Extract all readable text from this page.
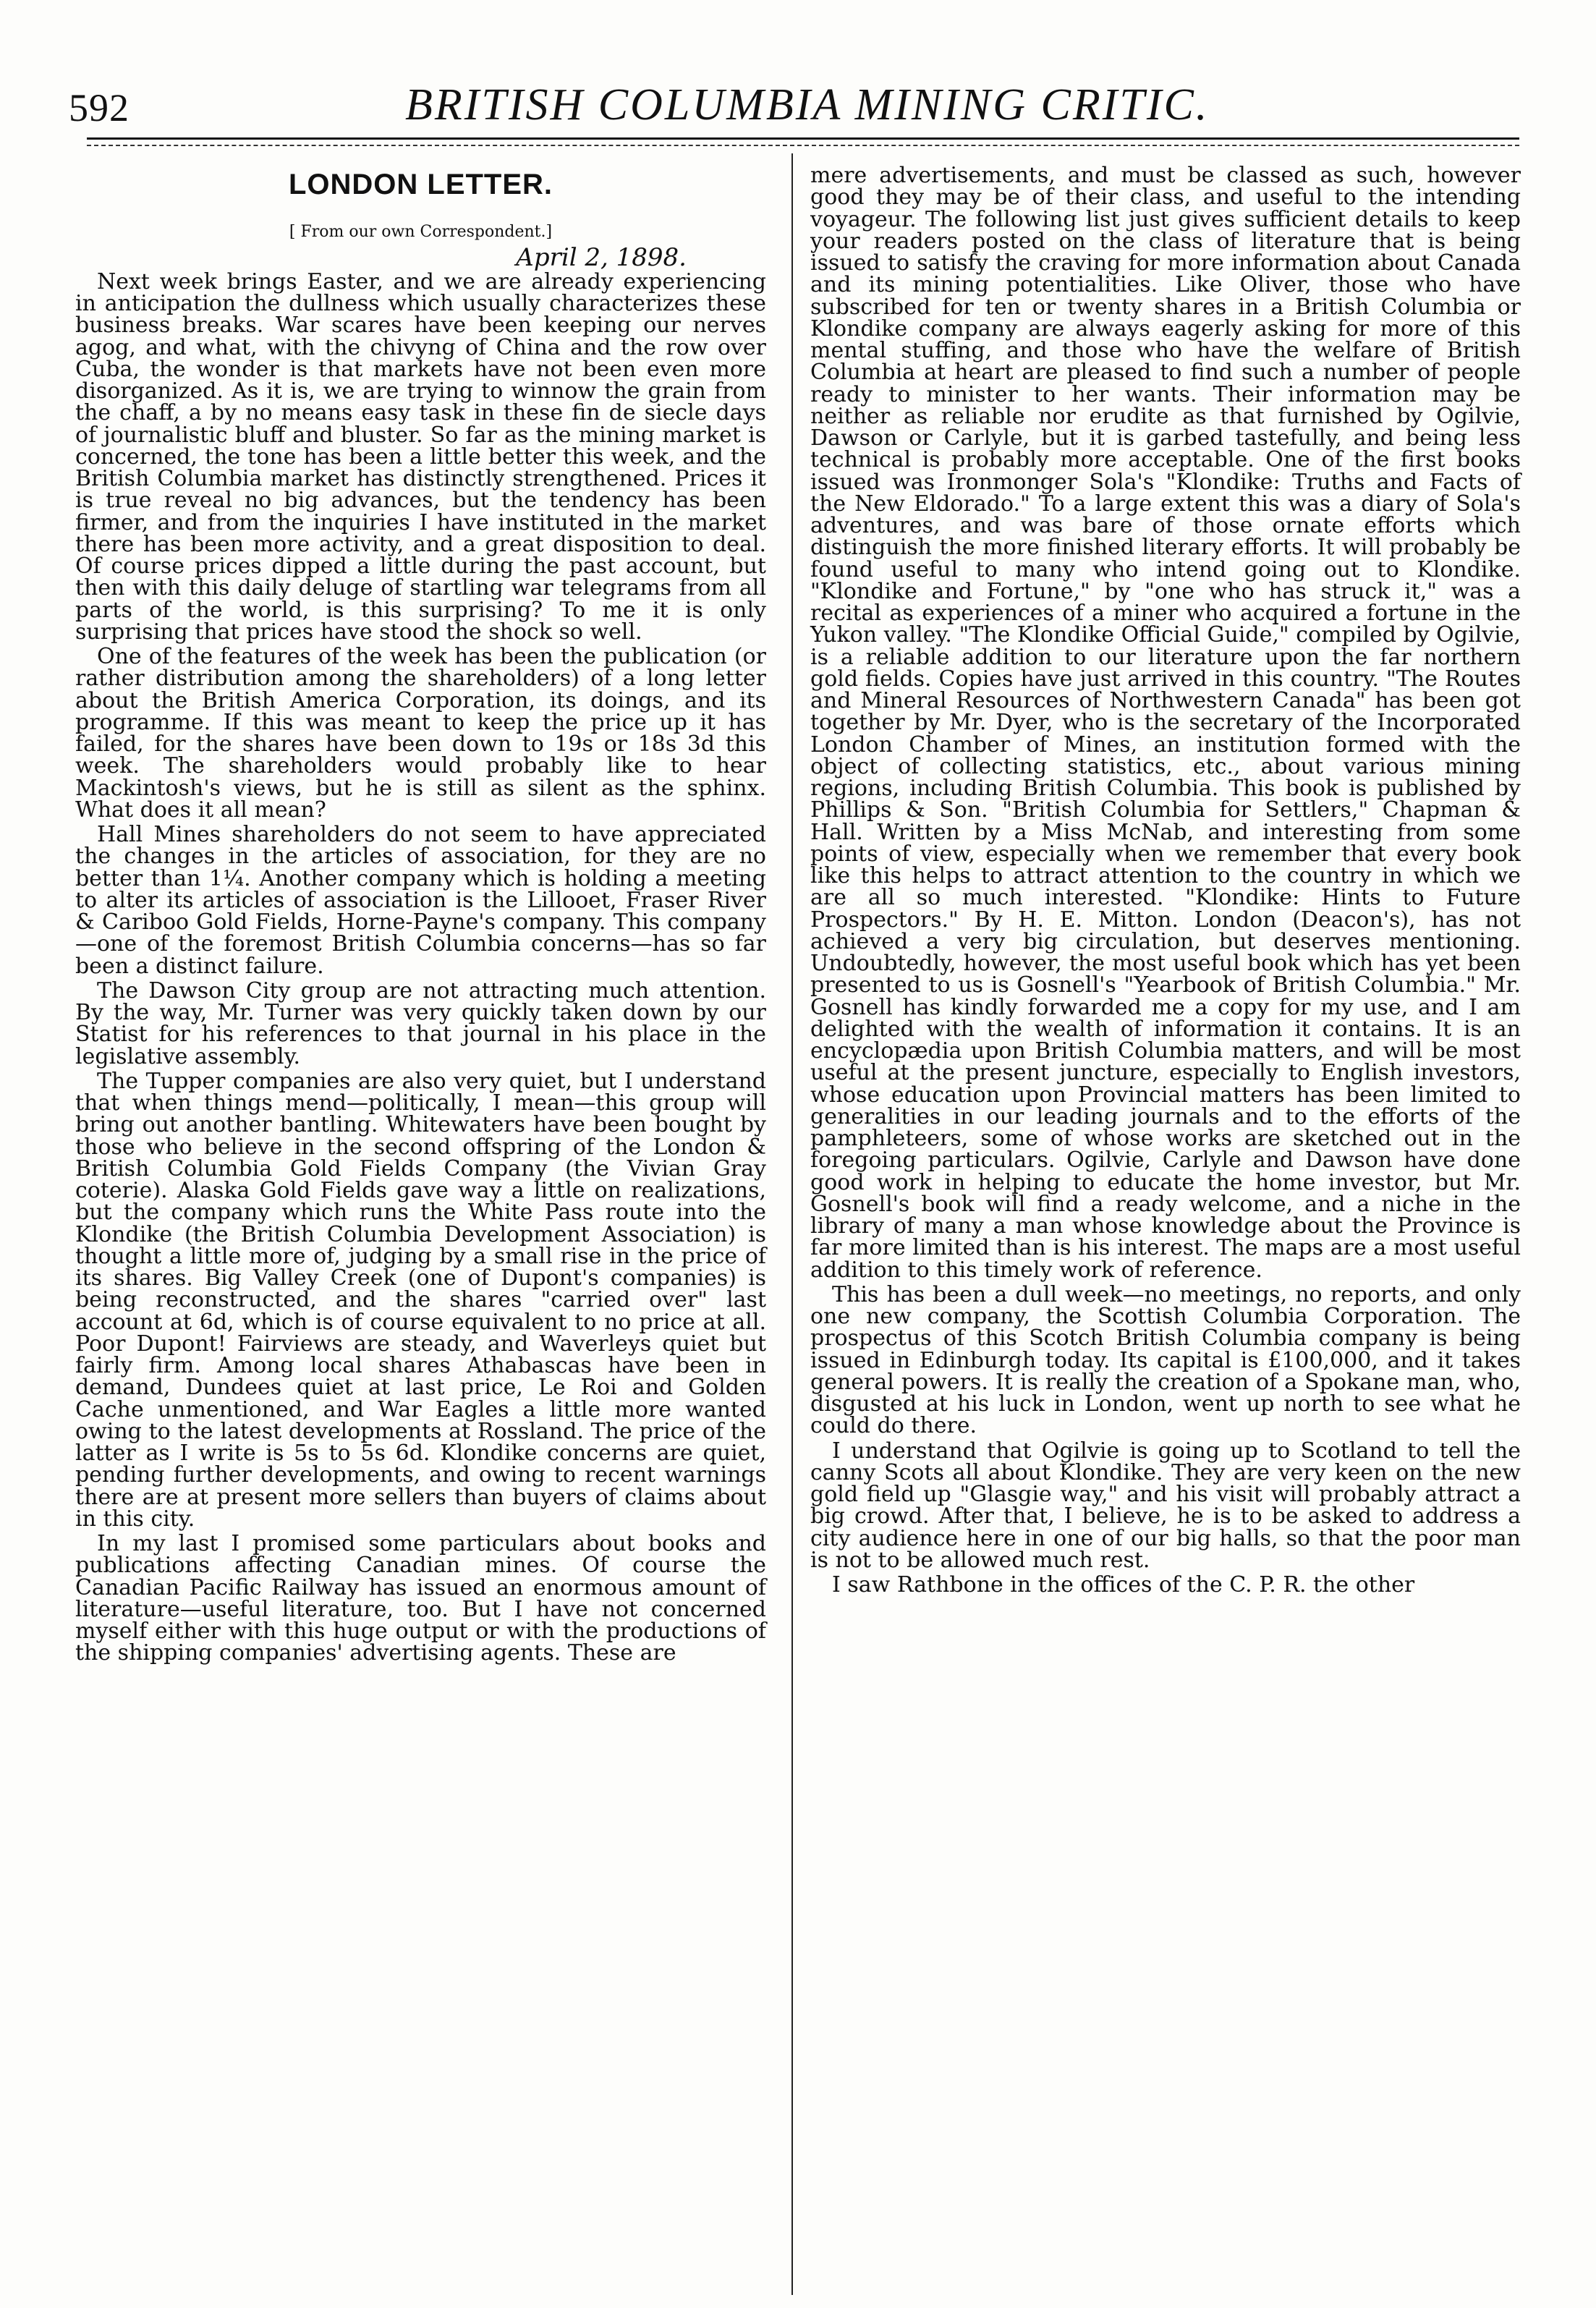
592	BRITISH COLUMBIA MINING CRITIC.
LONDON LETTER.
[ From our own Correspondent.]
April 2, 1898.

Next week brings Easter, and we are already experiencing in anticipation the dullness which usually characterizes these business breaks. War scares have been keeping our nerves agog, and what, with the chivyng of China and the row over Cuba, the wonder is that markets have not been even more disorganized. As it is, we are trying to winnow the grain from the chaff, a by no means easy task in these fin de siecle days of journalistic bluff and bluster. So far as the mining market is concerned, the tone has been a little better this week, and the British Columbia market has distinctly strengthened. Prices it is true reveal no big advances, but the tendency has been firmer, and from the inquiries I have instituted in the market there has been more activity, and a great disposition to deal. Of course prices dipped a little during the past account, but then with this daily deluge of startling war telegrams from all parts of the world, is this surprising? To me it is only surprising that prices have stood the shock so well.

One of the features of the week has been the publication (or rather distribution among the shareholders) of a long letter about the British America Corporation, its doings, and its programme. If this was meant to keep the price up it has failed, for the shares have been down to 19s or 18s 3d this week. The shareholders would probably like to hear Mackintosh's views, but he is still as silent as the sphinx. What does it all mean?

Hall Mines shareholders do not seem to have appreciated the changes in the articles of association, for they are no better than 1¼. Another company which is holding a meeting to alter its articles of association is the Lillooet, Fraser River & Cariboo Gold Fields, Horne-Payne's company. This company—one of the foremost British Columbia concerns—has so far been a distinct failure.

The Dawson City group are not attracting much attention. By the way, Mr. Turner was very quickly taken down by our Statist for his references to that journal in his place in the legislative assembly.

The Tupper companies are also very quiet, but I understand that when things mend—politically, I mean—this group will bring out another bantling. Whitewaters have been bought by those who believe in the second offspring of the London & British Columbia Gold Fields Company (the Vivian Gray coterie). Alaska Gold Fields gave way a little on realizations, but the company which runs the White Pass route into the Klondike (the British Columbia Development Association) is thought a little more of, judging by a small rise in the price of its shares. Big Valley Creek (one of Dupont's companies) is being reconstructed, and the shares "carried over" last account at 6d, which is of course equivalent to no price at all. Poor Dupont! Fairviews are steady, and Waverleys quiet but fairly firm. Among local shares Athabascas have been in demand, Dundees quiet at last price, Le Roi and Golden Cache unmentioned, and War Eagles a little more wanted owing to the latest developments at Rossland. The price of the latter as I write is 5s to 5s 6d. Klondike concerns are quiet, pending further developments, and owing to recent warnings there are at present more sellers than buyers of claims about in this city.

In my last I promised some particulars about books and publications affecting Canadian mines. Of course the Canadian Pacific Railway has issued an enormous amount of literature—useful literature, too. But I have not concerned myself either with this huge output or with the productions of the shipping companies' advertising agents. These are

mere advertisements, and must be classed as such, however good they may be of their class, and useful to the intending voyageur. The following list just gives sufficient details to keep your readers posted on the class of literature that is being issued to satisfy the craving for more information about Canada and its mining potentialities. Like Oliver, those who have subscribed for ten or twenty shares in a British Columbia or Klondike company are always eagerly asking for more of this mental stuffing, and those who have the welfare of British Columbia at heart are pleased to find such a number of people ready to minister to her wants. Their information may be neither as reliable nor erudite as that furnished by Ogilvie, Dawson or Carlyle, but it is garbed tastefully, and being less technical is probably more acceptable. One of the first books issued was Ironmonger Sola's "Klondike: Truths and Facts of the New Eldorado." To a large extent this was a diary of Sola's adventures, and was bare of those ornate efforts which distinguish the more finished literary efforts. It will probably be found useful to many who intend going out to Klondike. "Klondike and Fortune," by "one who has struck it," was a recital as experiences of a miner who acquired a fortune in the Yukon valley. "The Klondike Official Guide," compiled by Ogilvie, is a reliable addition to our literature upon the far northern gold fields. Copies have just arrived in this country. "The Routes and Mineral Resources of Northwestern Canada" has been got together by Mr. Dyer, who is the secretary of the Incorporated London Chamber of Mines, an institution formed with the object of collecting statistics, etc., about various mining regions, including British Columbia. This book is published by Phillips & Son. "British Columbia for Settlers," Chapman & Hall. Written by a Miss McNab, and interesting from some points of view, especially when we remember that every book like this helps to attract attention to the country in which we are all so much interested. "Klondike: Hints to Future Prospectors." By H. E. Mitton. London (Deacon's), has not achieved a very big circulation, but deserves mentioning. Undoubtedly, however, the most useful book which has yet been presented to us is Gosnell's "Yearbook of British Columbia." Mr. Gosnell has kindly forwarded me a copy for my use, and I am delighted with the wealth of information it contains. It is an encyclopædia upon British Columbia matters, and will be most useful at the present juncture, especially to English investors, whose education upon Provincial matters has been limited to generalities in our leading journals and to the efforts of the pamphleteers, some of whose works are sketched out in the foregoing particulars. Ogilvie, Carlyle and Dawson have done good work in helping to educate the home investor, but Mr. Gosnell's book will find a ready welcome, and a niche in the library of many a man whose knowledge about the Province is far more limited than is his interest. The maps are a most useful addition to this timely work of reference.

This has been a dull week—no meetings, no reports, and only one new company, the Scottish Columbia Corporation. The prospectus of this Scotch British Columbia company is being issued in Edinburgh today. Its capital is £100,000, and it takes general powers. It is really the creation of a Spokane man, who, disgusted at his luck in London, went up north to see what he could do there.

I understand that Ogilvie is going up to Scotland to tell the canny Scots all about Klondike. They are very keen on the new gold field up "Glasgie way," and his visit will probably attract a big crowd. After that, I believe, he is to be asked to address a city audience here in one of our big halls, so that the poor man is not to be allowed much rest.

I saw Rathbone in the offices of the C. P. R. the other
